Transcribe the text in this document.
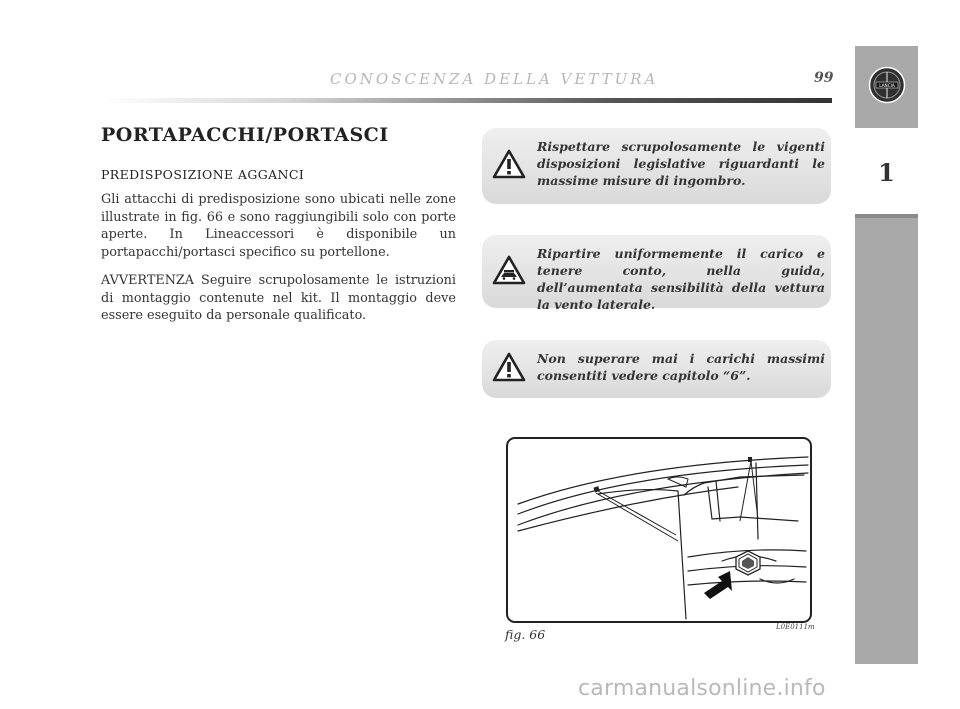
CONOSCENZA DELLA VETTURA	99	LANCIA
1
PORTAPACCHI/PORTASCI
PREDISPOSIZIONE AGGANCI
Gli attacchi di predisposizione sono ubicati nelle zone illustrate in fig. 66 e sono raggiungibili solo con porte aperte. In Lineaccessori è disponibile un portapacchi/portasci specifico su portellone.
AVVERTENZA Seguire scrupolosamente le istruzioni di montaggio contenute nel kit. Il montaggio deve essere eseguito da personale qualificato.
Rispettare scrupolosamente le vigenti disposizioni legislative riguardanti le massime misure di ingombro.
Ripartire uniformemente il carico e tenere conto, nella guida, dell’aumentata sensibilità della vettura la vento laterale.
Non superare mai i carichi massimi consentiti vedere capitolo “6”.
fig. 66	L0E0111m
carmanualsonline.info
